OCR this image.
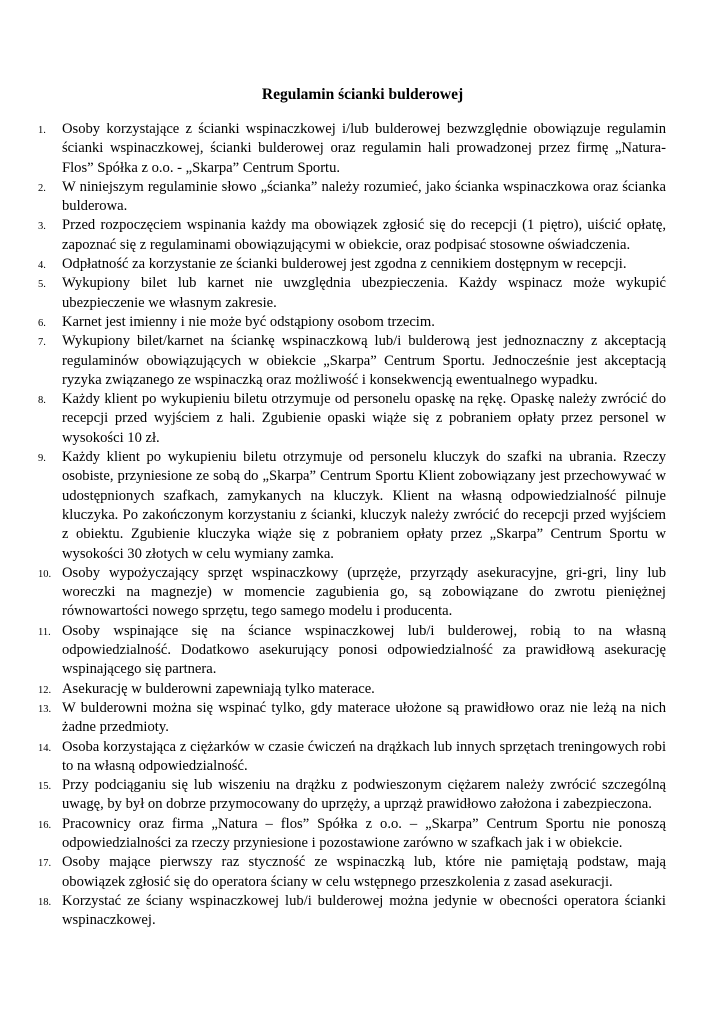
Regulamin ścianki bulderowej
1.	Osoby korzystające z ścianki wspinaczkowej i/lub bulderowej bezwzględnie obowiązuje regulamin ścianki wspinaczkowej, ścianki bulderowej oraz regulamin hali prowadzonej przez firmę „Natura-Flos” Spółka z o.o. - „Skarpa” Centrum Sportu.
2.	W niniejszym regulaminie słowo „ścianka” należy rozumieć, jako ścianka wspinaczkowa oraz ścianka bulderowa.
3.	Przed rozpoczęciem wspinania każdy ma obowiązek zgłosić się do recepcji (1 piętro), uiścić opłatę, zapoznać się z regulaminami obowiązującymi w obiekcie, oraz podpisać stosowne oświadczenia.
4.	Odpłatność za korzystanie ze ścianki bulderowej jest zgodna z cennikiem dostępnym w recepcji.
5.	Wykupiony bilet lub karnet nie uwzględnia ubezpieczenia. Każdy wspinacz może wykupić ubezpieczenie we własnym zakresie.
6.	Karnet jest imienny i nie może być odstąpiony osobom trzecim.
7.	Wykupiony bilet/karnet na ściankę wspinaczkową lub/i bulderową jest jednoznaczny z akceptacją regulaminów obowiązujących w obiekcie „Skarpa” Centrum Sportu. Jednocześnie jest akceptacją ryzyka związanego ze wspinaczką oraz możliwość i konsekwencją ewentualnego wypadku.
8.	Każdy klient po wykupieniu biletu otrzymuje od personelu opaskę na rękę. Opaskę należy zwrócić do recepcji przed wyjściem z hali. Zgubienie opaski wiąże się z pobraniem opłaty przez personel w wysokości 10 zł.
9.	Każdy klient po wykupieniu biletu otrzymuje od personelu kluczyk do szafki na ubrania. Rzeczy osobiste, przyniesione ze sobą do „Skarpa” Centrum Sportu Klient zobowiązany jest przechowywać w udostępnionych szafkach, zamykanych na kluczyk. Klient na własną odpowiedzialność pilnuje kluczyka. Po zakończonym korzystaniu z ścianki, kluczyk należy zwrócić do recepcji przed wyjściem z obiektu. Zgubienie kluczyka wiąże się z pobraniem opłaty przez „Skarpa” Centrum Sportu w wysokości 30 złotych w celu wymiany zamka.
10. Osoby wypożyczający sprzęt wspinaczkowy (uprzęże, przyrządy asekuracyjne, gri-gri, liny lub woreczki na magnezje) w momencie zagubienia go, są zobowiązane do zwrotu pieniężnej równowartości nowego sprzętu, tego samego modelu i producenta.
11. Osoby wspinające się na ściance wspinaczkowej lub/i bulderowej, robią to na własną odpowiedzialność. Dodatkowo asekurujący ponosi odpowiedzialność za prawidłową asekurację wspinającego się partnera.
12. Asekurację w bulderowni zapewniają tylko materace.
13. W bulderowni można się wspinać tylko, gdy materace ułożone są prawidłowo oraz nie leżą na nich żadne przedmioty.
14. Osoba korzystająca z ciężarków w czasie ćwiczeń na drążkach lub innych sprzętach treningowych robi to na własną odpowiedzialność.
15. Przy podciąganiu się lub wiszeniu na drążku z podwieszonym ciężarem należy zwrócić szczególną uwagę, by był on dobrze przymocowany do uprzęży, a uprząż prawidłowo założona i zabezpieczona.
16. Pracownicy oraz firma „Natura – flos” Spółka z o.o. – „Skarpa” Centrum Sportu nie ponoszą odpowiedzialności za rzeczy przyniesione i pozostawione zarówno w szafkach jak i w obiekcie.
17. Osoby mające pierwszy raz styczność ze wspinaczką lub, które nie pamiętają podstaw, mają obowiązek zgłosić się do operatora ściany w celu wstępnego przeszkolenia z zasad asekuracji.
18. Korzystać ze ściany wspinaczkowej lub/i bulderowej można jedynie w obecności operatora ścianki wspinaczkowej.
